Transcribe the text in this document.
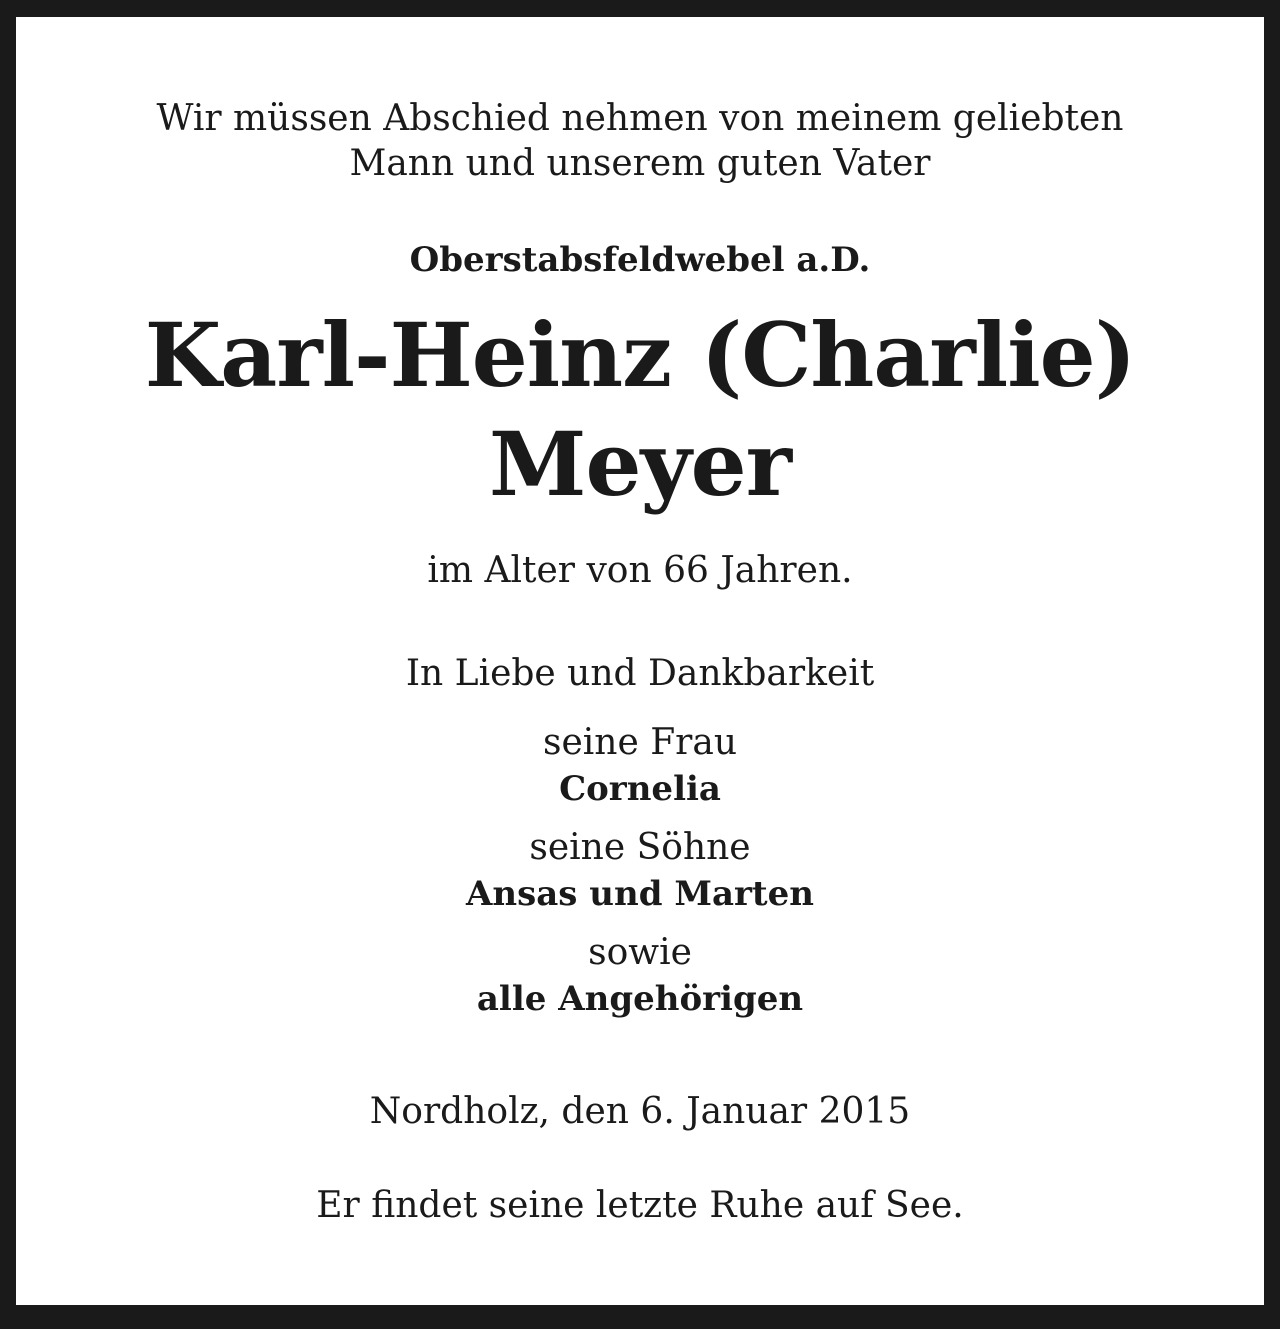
Wir müssen Abschied nehmen von meinem geliebten
Mann und unserem guten Vater
Oberstabsfeldwebel a.D.
Karl-Heinz (Charlie)
Meyer
im Alter von 66 Jahren.
In Liebe und Dankbarkeit
seine Frau
Cornelia
seine Söhne
Ansas und Marten
sowie
alle Angehörigen
Nordholz, den 6. Januar 2015
Er findet seine letzte Ruhe auf See.
